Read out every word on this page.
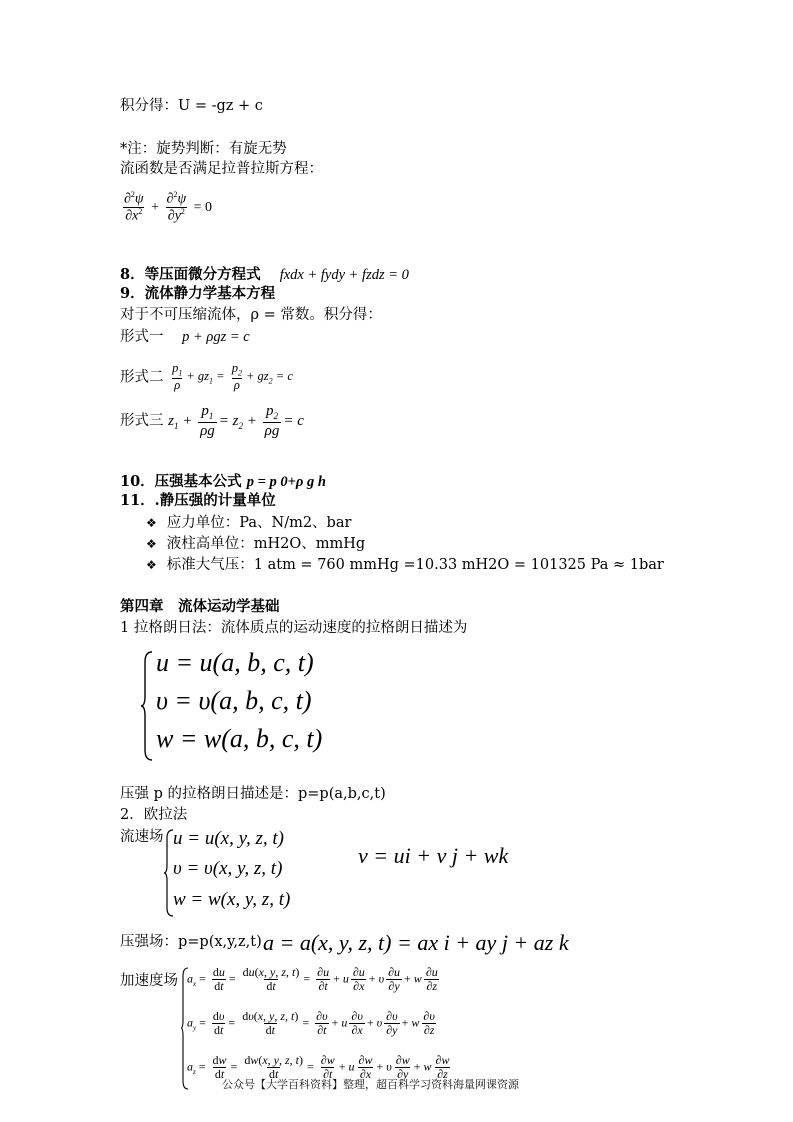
积分得：U = -gz + c
*注：旋势判断：有旋无势
流函数是否满足拉普拉斯方程：
$\frac{\partial^2\psi}{\partial x^2} + \frac{\partial^2\psi}{\partial y^2} = 0$
8．等压面微分方程式 fxdx + fydy + fzdz = 0
9．流体静力学基本方程
对于不可压缩流体，ρ = 常数。积分得：
形式一 p + ρgz = c
形式二 $\frac{p_1}{\rho} + gz_1 = \frac{p_2}{\rho} + gz_2 = c$
形式三 $z_1 + \frac{p_1}{\rho g} = z_2 + \frac{p_2}{\rho g} = c$
10．压强基本公式 p = p 0+ρ g h
11．.静压强的计量单位
❖ 应力单位：Pa、N/m2、bar
❖ 液柱高单位：mH2O、mmHg
❖ 标准大气压：1 atm = 760 mmHg =10.33 mH2O = 101325 Pa ≈ 1bar
第四章　流体运动学基础
1 拉格朗日法：流体质点的运动速度的拉格朗日描述为
u = u(a, b, c, t)
υ = υ(a, b, c, t)
w = w(a, b, c, t)
压强 p 的拉格朗日描述是：p=p(a,b,c,t)
2．欧拉法
流速场 u = u(x, y, z, t)
υ = υ(x, y, z, t)
w = w(x, y, z, t)
v = ui + v j + wk
压强场：p=p(x,y,z,t) a = a(x, y, z, t) = ax i + ay j + az k
加速度场 $a_x = \frac{du}{dt} = \frac{du(x, y, z, t)}{dt} = \frac{\partial u}{\partial t} + u \frac{\partial u}{\partial x} + \upsilon \frac{\partial u}{\partial y} + w \frac{\partial u}{\partial z}$
$a_y = \frac{d\upsilon}{dt} = \frac{d\upsilon(x, y, z, t)}{dt} = \frac{\partial\upsilon}{\partial t} + u \frac{\partial\upsilon}{\partial x} + \upsilon \frac{\partial\upsilon}{\partial y} + w \frac{\partial\upsilon}{\partial z}$
$a_z = \frac{dw}{dt} = \frac{dw(x, y, z, t)}{dt} = \frac{\partial w}{\partial t} + u \frac{\partial w}{\partial x} + \upsilon \frac{\partial w}{\partial y} + w \frac{\partial w}{\partial z}$
公众号【大学百科资料】整理，超百科学习资料海量网课资源
